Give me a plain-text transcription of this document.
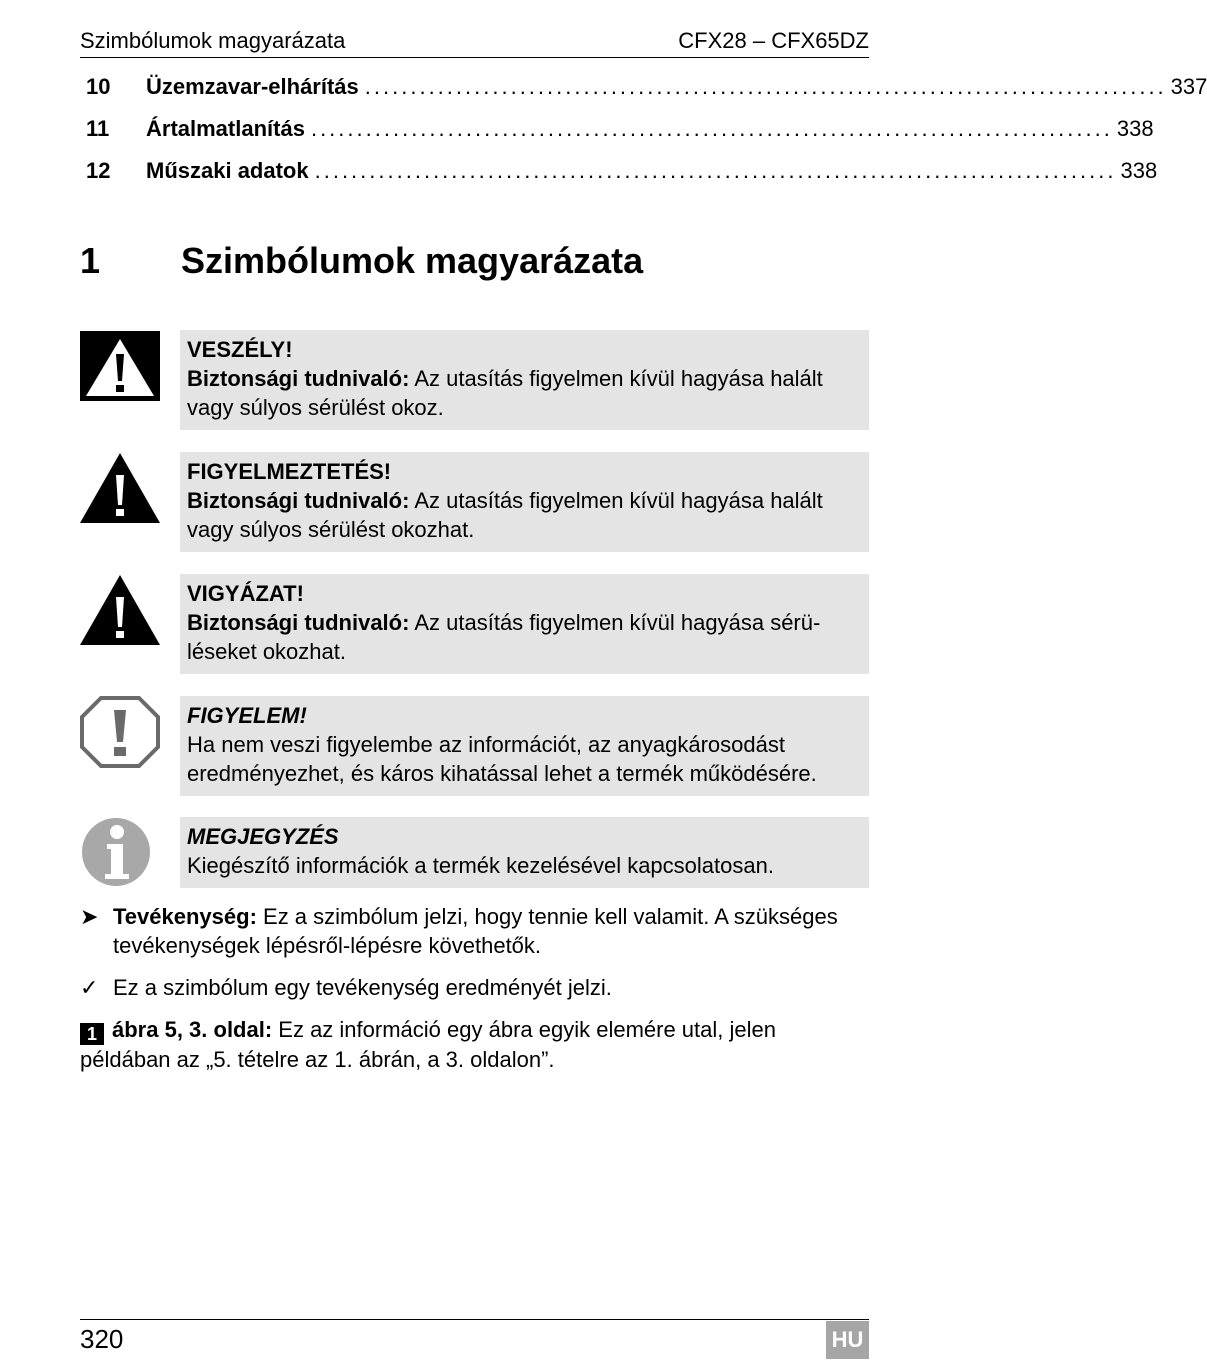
Szimbólumok magyarázata	CFX28 – CFX65DZ
10	Üzemzavar-elhárítás ........................................................................................ 337
11	Ártalmatlanítás ........................................................................................ 338
12	Műszaki adatok ........................................................................................ 338
1 Szimbólumok magyarázata
VESZÉLY!
Biztonsági tudnivaló: Az utasítás figyelmen kívül hagyása halált vagy súlyos sérülést okoz.
FIGYELMEZTETÉS!
Biztonsági tudnivaló: Az utasítás figyelmen kívül hagyása halált vagy súlyos sérülést okozhat.
VIGYÁZAT!
Biztonsági tudnivaló: Az utasítás figyelmen kívül hagyása sérüléseket okozhat.
FIGYELEM!
Ha nem veszi figyelembe az információt, az anyagkárosodást eredményezhet, és káros kihatással lehet a termék működésére.
MEGJEGYZÉS
Kiegészítő információk a termék kezelésével kapcsolatosan.
➤ Tevékenység: Ez a szimbólum jelzi, hogy tennie kell valamit. A szükséges tevékenységek lépésről-lépésre követhetők.
✓ Ez a szimbólum egy tevékenység eredményét jelzi.
1 ábra 5, 3. oldal: Ez az információ egy ábra egyik elemére utal, jelen példában az „5. tételre az 1. ábrán, a 3. oldalon”.
320	HU
